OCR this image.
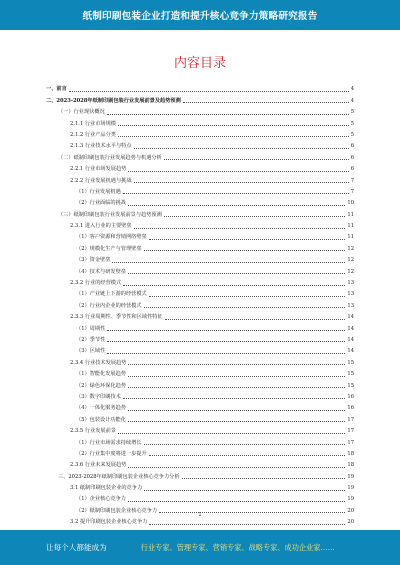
纸制印刷包装企业打造和提升核心竞争力策略研究报告
内容目录
一、前言	4
二、2023-2028年纸制印刷包装行业发展前景及趋势预测	4
（一）行业现状概况	5
2.1.1 行业市场规模	5
2.1.2 行业产品分类	5
2.1.3 行业技术水平与特点	6
（二）纸制印刷包装行业发展趋势与机遇分析	6
2.2.1 行业市场发展趋势	6
2.2.2 行业发展机遇与挑战	7
（1）行业发展机遇	7
（2）行业面临的挑战	10
（三）纸制印刷包装行业发展前景与趋势预测	11
2.3.1 进入行业的主要壁垒	11
（1）客户资源和营销网络壁垒	11
（2）规模化生产与管理壁垒	12
（3）资金壁垒	12
（4）技术与研发壁垒	12
2.3.2 行业的经营模式	13
（1）产业链上下游的经营模式	13
（2）行业内企业的经营模式	13
2.3.3 行业周期性、季节性和区域性特征	14
（1）周期性	14
（2）季节性	14
（3）区域性	14
2.3.4 行业技术发展趋势	15
（1）智能化发展趋势	15
（2）绿色环保化趋势	15
（3）数字印刷技术	16
（4）一体化服务趋势	16
（5）包装设计功能化	17
2.3.5 行业发展前景	17
（1）行业市场需求持续增长	17
（2）行业集中度将进一步提升	18
2.3.6 行业未来发展趋势	18
三、2023-2028年纸制印刷包装企业核心竞争力分析	19
3.1 纸制印刷包装企业的竞争力	19
（1）企业核心竞争力	19
（2）纸制印刷包装企业核心竞争力	20
3.2 提升印刷包装企业核心竞争力	20
1
让每个人都能成为	行业专家、管理专家、营销专家、战略专家、成功企业家……
